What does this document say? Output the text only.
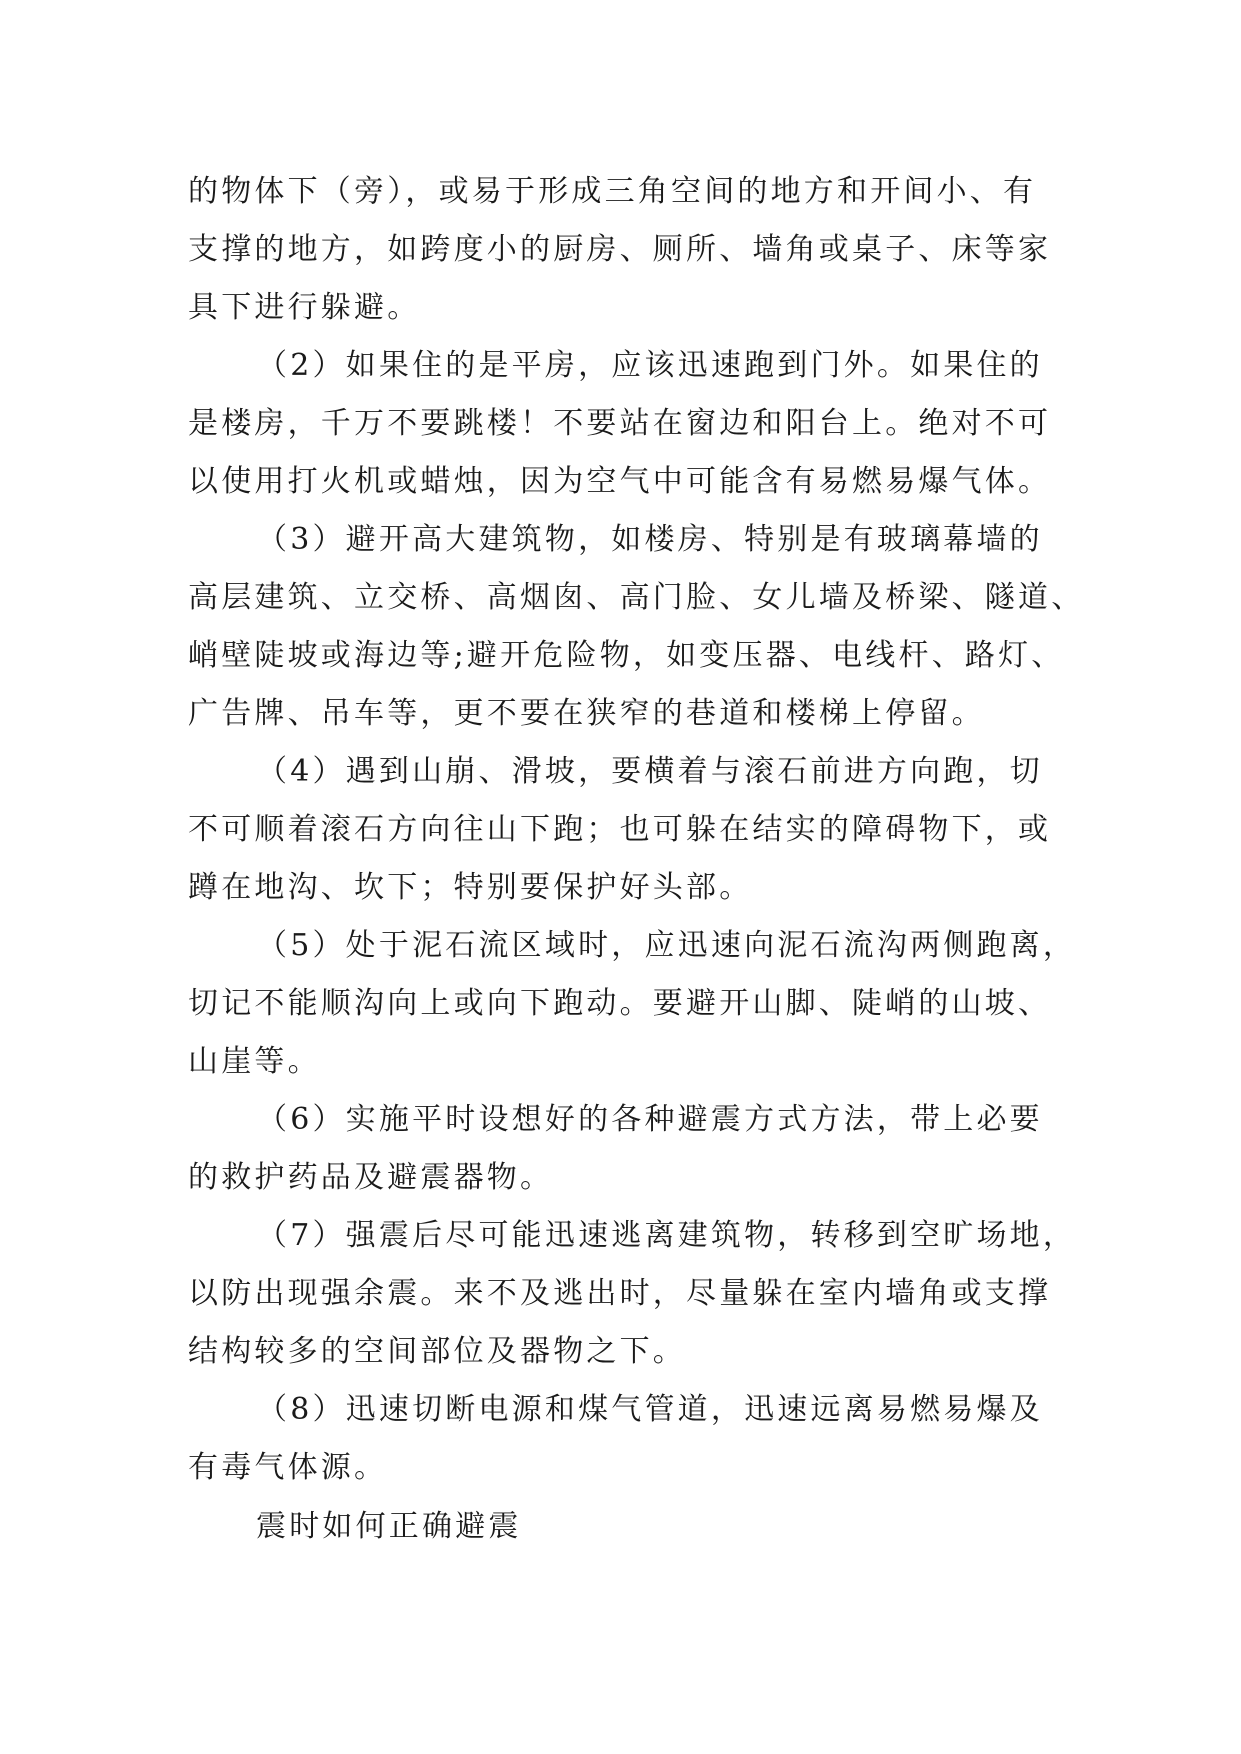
的物体下（旁），或易于形成三角空间的地方和开间小、有
支撑的地方，如跨度小的厨房、厕所、墙角或桌子、床等家
具下进行躲避。
（2）如果住的是平房，应该迅速跑到门外。如果住的
是楼房，千万不要跳楼！不要站在窗边和阳台上。绝对不可
以使用打火机或蜡烛，因为空气中可能含有易燃易爆气体。
（3）避开高大建筑物，如楼房、特别是有玻璃幕墙的
高层建筑、立交桥、高烟囱、高门脸、女儿墙及桥梁、隧道、
峭壁陡坡或海边等;避开危险物，如变压器、电线杆、路灯、
广告牌、吊车等，更不要在狭窄的巷道和楼梯上停留。
（4）遇到山崩、滑坡，要横着与滚石前进方向跑，切
不可顺着滚石方向往山下跑；也可躲在结实的障碍物下，或
蹲在地沟、坎下；特别要保护好头部。
（5）处于泥石流区域时，应迅速向泥石流沟两侧跑离，
切记不能顺沟向上或向下跑动。要避开山脚、陡峭的山坡、
山崖等。
（6）实施平时设想好的各种避震方式方法，带上必要
的救护药品及避震器物。
（7）强震后尽可能迅速逃离建筑物，转移到空旷场地，
以防出现强余震。来不及逃出时，尽量躲在室内墙角或支撑
结构较多的空间部位及器物之下。
（8）迅速切断电源和煤气管道，迅速远离易燃易爆及
有毒气体源。
震时如何正确避震
